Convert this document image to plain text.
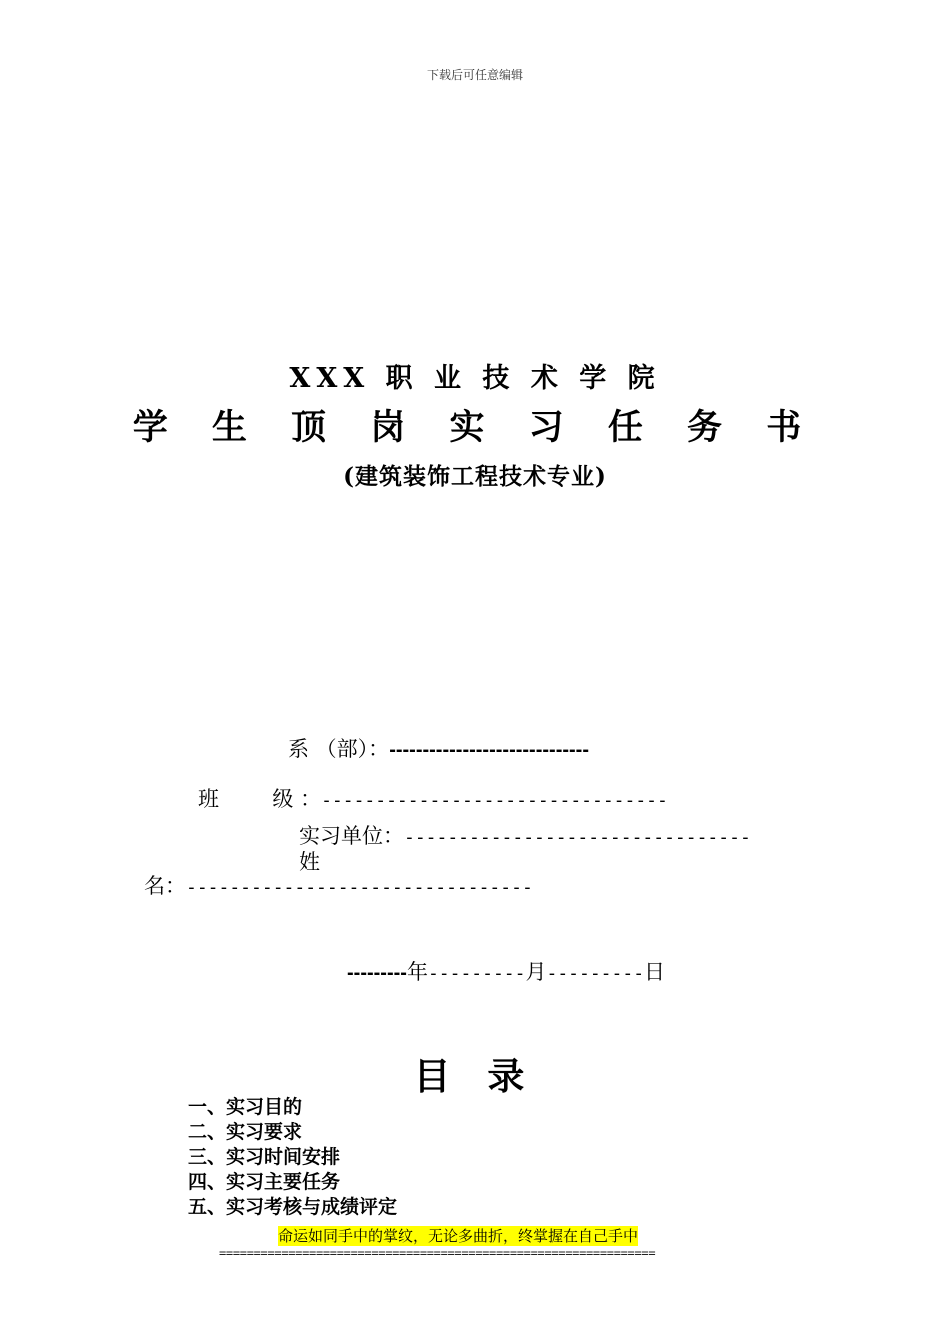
下载后可任意编辑
XXX 职 业 技 术 学 院
学 生 顶 岗 实 习 任 务 书
(建筑装饰工程技术专业)
系 （部）：------------------------------
班        级 ：--------------------------------
实习单位：--------------------------------
姓
名：--------------------------------
---------年---------月---------日
目 录
一、实习目的
二、实习要求
三、实习时间安排
四、实习主要任务
五、实习考核与成绩评定
命运如同手中的掌纹，无论多曲折，终掌握在自己手中
===============================================================
